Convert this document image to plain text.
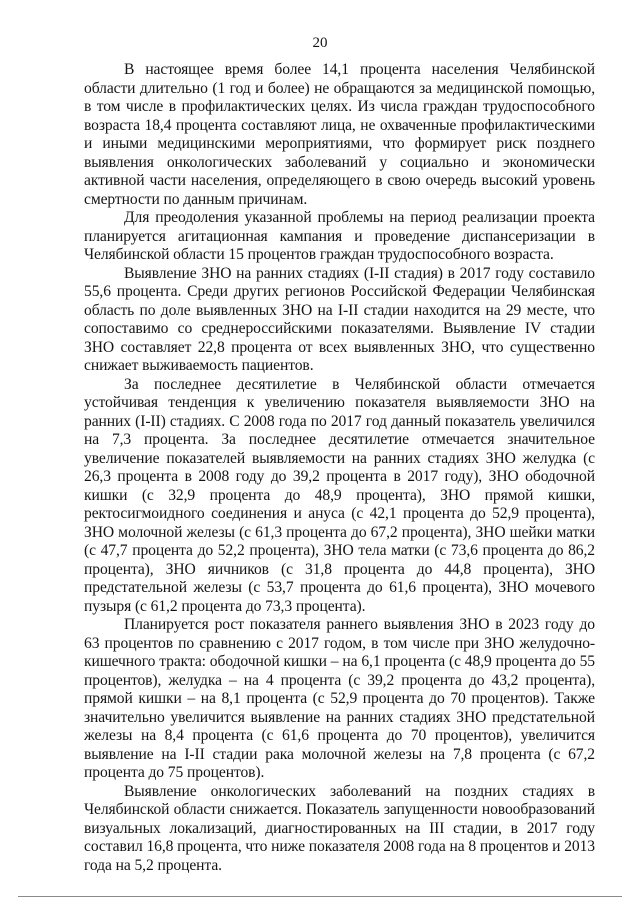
20

В настоящее время более 14,1 процента населения Челябинской области длительно (1 год и более) не обращаются за медицинской помощью, в том числе в профилактических целях. Из числа граждан трудоспособного возраста 18,4 процента составляют лица, не охваченные профилактическими и иными медицинскими мероприятиями, что формирует риск позднего выявления онкологических заболеваний у социально и экономически активной части населения, определяющего в свою очередь высокий уровень смертности по данным причинам.

Для преодоления указанной проблемы на период реализации проекта планируется агитационная кампания и проведение диспансеризации в Челябинской области 15 процентов граждан трудоспособного возраста.

Выявление ЗНО на ранних стадиях (I-II стадия) в 2017 году составило 55,6 процента. Среди других регионов Российской Федерации Челябинская область по доле выявленных ЗНО на I-II стадии находится на 29 месте, что сопоставимо со среднероссийскими показателями. Выявление IV стадии ЗНО составляет 22,8 процента от всех выявленных ЗНО, что существенно снижает выживаемость пациентов.

За последнее десятилетие в Челябинской области отмечается устойчивая тенденция к увеличению показателя выявляемости ЗНО на ранних (I-II) стадиях. С 2008 года по 2017 год данный показатель увеличился на 7,3 процента. За последнее десятилетие отмечается значительное увеличение показателей выявляемости на ранних стадиях ЗНО желудка (с 26,3 процента в 2008 году до 39,2 процента в 2017 году), ЗНО ободочной кишки (с 32,9 процента до 48,9 процента), ЗНО прямой кишки, ректосигмоидного соединения и ануса (с 42,1 процента до 52,9 процента), ЗНО молочной железы (с 61,3 процента до 67,2 процента), ЗНО шейки матки (с 47,7 процента до 52,2 процента), ЗНО тела матки (с 73,6 процента до 86,2 процента), ЗНО яичников (с 31,8 процента до 44,8 процента), ЗНО предстательной железы (с 53,7 процента до 61,6 процента), ЗНО мочевого пузыря (с 61,2 процента до 73,3 процента).

Планируется рост показателя раннего выявления ЗНО в 2023 году до 63 процентов по сравнению с 2017 годом, в том числе при ЗНО желудочно-кишечного тракта: ободочной кишки – на 6,1 процента (с 48,9 процента до 55 процентов), желудка – на 4 процента (с 39,2 процента до 43,2 процента), прямой кишки – на 8,1 процента (с 52,9 процента до 70 процентов). Также значительно увеличится выявление на ранних стадиях ЗНО предстательной железы на 8,4 процента (с 61,6 процента до 70 процентов), увеличится выявление на I-II стадии рака молочной железы на 7,8 процента (с 67,2 процента до 75 процентов).

Выявление онкологических заболеваний на поздних стадиях в Челябинской области снижается. Показатель запущенности новообразований визуальных локализаций, диагностированных на III стадии, в 2017 году составил 16,8 процента, что ниже показателя 2008 года на 8 процентов и 2013 года на 5,2 процента.
